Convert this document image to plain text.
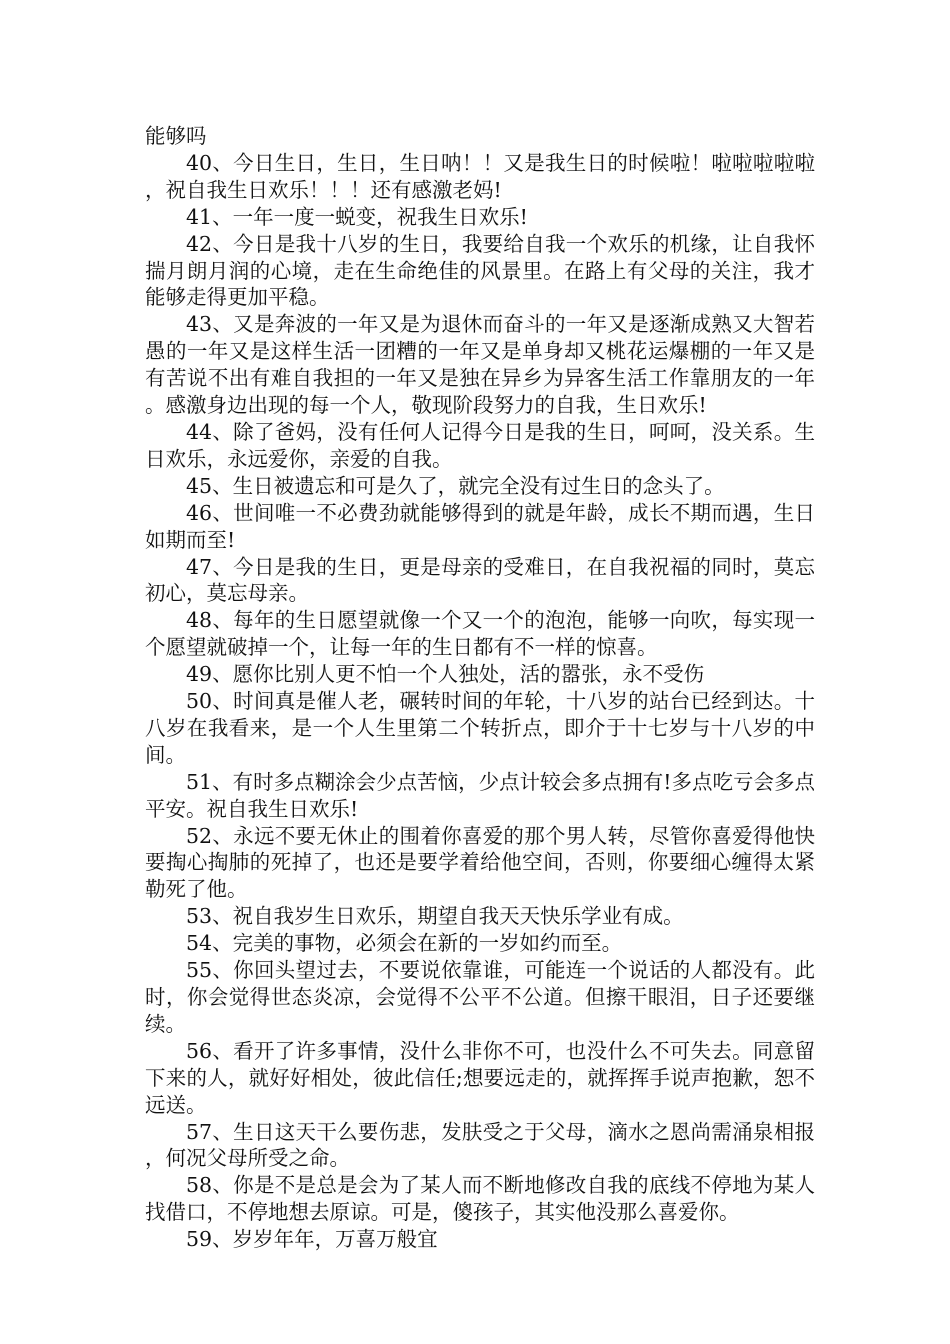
能够吗

40、今日生日，生日，生日呐！！又是我生日的时候啦！啦啦啦啦啦，祝自我生日欢乐！！！还有感激老妈!

41、一年一度一蜕变，祝我生日欢乐!

42、今日是我十八岁的生日，我要给自我一个欢乐的机缘，让自我怀揣月朗月润的心境，走在生命绝佳的风景里。在路上有父母的关注，我才能够走得更加平稳。

43、又是奔波的一年又是为退休而奋斗的一年又是逐渐成熟又大智若愚的一年又是这样生活一团糟的一年又是单身却又桃花运爆棚的一年又是有苦说不出有难自我担的一年又是独在异乡为异客生活工作靠朋友的一年。感激身边出现的每一个人，敬现阶段努力的自我，生日欢乐!

44、除了爸妈，没有任何人记得今日是我的生日，呵呵，没关系。生日欢乐，永远爱你，亲爱的自我。

45、生日被遗忘和可是久了，就完全没有过生日的念头了。

46、世间唯一不必费劲就能够得到的就是年龄，成长不期而遇，生日如期而至!

47、今日是我的生日，更是母亲的受难日，在自我祝福的同时，莫忘初心，莫忘母亲。

48、每年的生日愿望就像一个又一个的泡泡，能够一向吹，每实现一个愿望就破掉一个，让每一年的生日都有不一样的惊喜。

49、愿你比别人更不怕一个人独处，活的嚣张，永不受伤

50、时间真是催人老，碾转时间的年轮，十八岁的站台已经到达。十八岁在我看来，是一个人生里第二个转折点，即介于十七岁与十八岁的中间。

51、有时多点糊涂会少点苦恼，少点计较会多点拥有!多点吃亏会多点平安。祝自我生日欢乐!

52、永远不要无休止的围着你喜爱的那个男人转，尽管你喜爱得他快要掏心掏肺的死掉了，也还是要学着给他空间，否则，你要细心缠得太紧勒死了他。

53、祝自我岁生日欢乐，期望自我天天快乐学业有成。

54、完美的事物，必须会在新的一岁如约而至。

55、你回头望过去，不要说依靠谁，可能连一个说话的人都没有。此时，你会觉得世态炎凉，会觉得不公平不公道。但擦干眼泪，日子还要继续。

56、看开了许多事情，没什么非你不可，也没什么不可失去。同意留下来的人，就好好相处，彼此信任;想要远走的，就挥挥手说声抱歉，恕不远送。

57、生日这天干么要伤悲，发肤受之于父母，滴水之恩尚需涌泉相报，何况父母所受之命。

58、你是不是总是会为了某人而不断地修改自我的底线不停地为某人找借口，不停地想去原谅。可是，傻孩子，其实他没那么喜爱你。

59、岁岁年年，万喜万般宜
